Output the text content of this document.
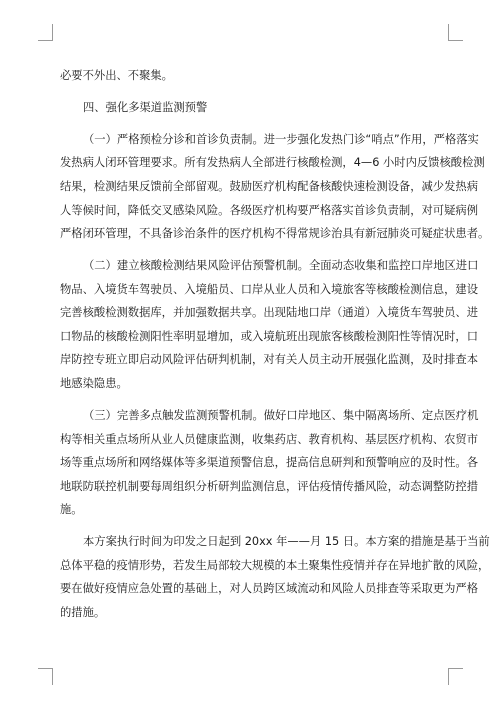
必要不外出、不聚集。
四、强化多渠道监测预警
（一）严格预检分诊和首诊负责制。进一步强化发热门诊“哨点”作用，严格落实
发热病人闭环管理要求。所有发热病人全部进行核酸检测，4—6 小时内反馈核酸检测
结果，检测结果反馈前全部留观。鼓励医疗机构配备核酸快速检测设备，减少发热病
人等候时间，降低交叉感染风险。各级医疗机构要严格落实首诊负责制，对可疑病例
严格闭环管理，不具备诊治条件的医疗机构不得常规诊治具有新冠肺炎可疑症状患者。
（二）建立核酸检测结果风险评估预警机制。全面动态收集和监控口岸地区进口
物品、入境货车驾驶员、入境船员、口岸从业人员和入境旅客等核酸检测信息，建设
完善核酸检测数据库，并加强数据共享。出现陆地口岸（通道）入境货车驾驶员、进
口物品的核酸检测阳性率明显增加，或入境航班出现旅客核酸检测阳性等情况时，口
岸防控专班立即启动风险评估研判机制，对有关人员主动开展强化监测，及时排查本
地感染隐患。
（三）完善多点触发监测预警机制。做好口岸地区、集中隔离场所、定点医疗机
构等相关重点场所从业人员健康监测，收集药店、教育机构、基层医疗机构、农贸市
场等重点场所和网络媒体等多渠道预警信息，提高信息研判和预警响应的及时性。各
地联防联控机制要每周组织分析研判监测信息，评估疫情传播风险，动态调整防控措
施。
本方案执行时间为印发之日起到 20xx 年——月 15 日。本方案的措施是基于当前
总体平稳的疫情形势，若发生局部较大规模的本土聚集性疫情并存在异地扩散的风险，
要在做好疫情应急处置的基础上，对人员跨区域流动和风险人员排查等采取更为严格
的措施。
